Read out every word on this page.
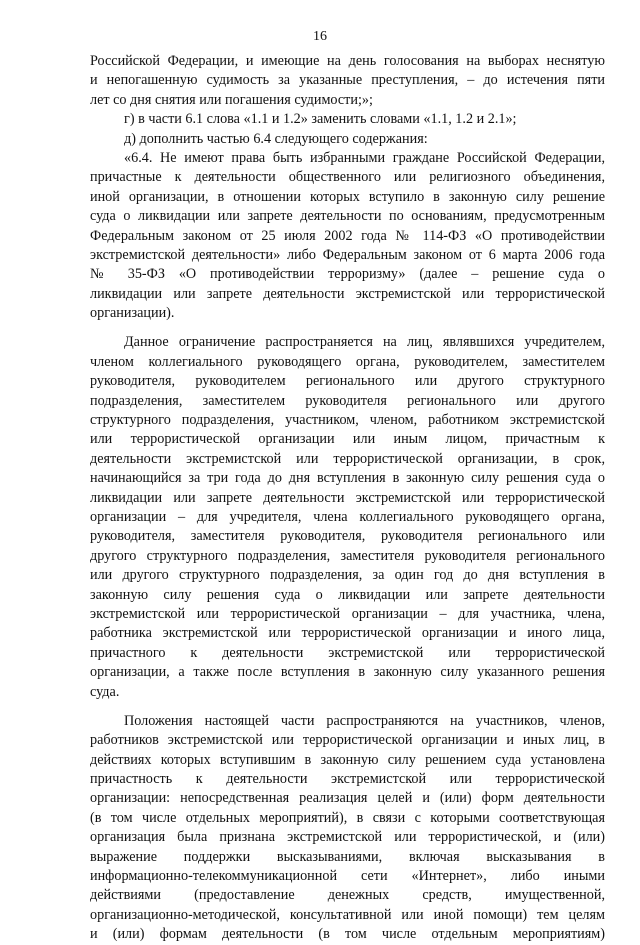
16
Российской Федерации, и имеющие на день голосования на выборах неснятую
и непогашенную судимость за указанные преступления, – до истечения пяти
лет со дня снятия или погашения судимости;»;
г) в части 6.1 слова «1.1 и 1.2» заменить словами «1.1, 1.2 и 2.1»;
д) дополнить частью 6.4 следующего содержания:
«6.4. Не имеют права быть избранными граждане Российской Федерации,
причастные к деятельности общественного или религиозного объединения,
иной организации, в отношении которых вступило в законную силу решение
суда о ликвидации или запрете деятельности по основаниям, предусмотренным
Федеральным законом от 25 июля 2002 года № 114-ФЗ «О противодействии
экстремистской деятельности» либо Федеральным законом от 6 марта 2006 года
№ 35-ФЗ «О противодействии терроризму» (далее – решение суда о
ликвидации или запрете деятельности экстремистской или террористической
организации).
Данное ограничение распространяется на лиц, являвшихся учредителем,
членом коллегиального руководящего органа, руководителем, заместителем
руководителя, руководителем регионального или другого структурного
подразделения, заместителем руководителя регионального или другого
структурного подразделения, участником, членом, работником экстремистской
или террористической организации или иным лицом, причастным к
деятельности экстремистской или террористической организации, в срок,
начинающийся за три года до дня вступления в законную силу решения суда о
ликвидации или запрете деятельности экстремистской или террористической
организации – для учредителя, члена коллегиального руководящего органа,
руководителя, заместителя руководителя, руководителя регионального или
другого структурного подразделения, заместителя руководителя регионального
или другого структурного подразделения, за один год до дня вступления в
законную силу решения суда о ликвидации или запрете деятельности
экстремистской или террористической организации – для участника, члена,
работника экстремистской или террористической организации и иного лица,
причастного к деятельности экстремистской или террористической
организации, а также после вступления в законную силу указанного решения
суда.
Положения настоящей части распространяются на участников, членов,
работников экстремистской или террористической организации и иных лиц, в
действиях которых вступившим в законную силу решением суда установлена
причастность к деятельности экстремистской или террористической
организации: непосредственная реализация целей и (или) форм деятельности
(в том числе отдельных мероприятий), в связи с которыми соответствующая
организация была признана экстремистской или террористической, и (или)
выражение поддержки высказываниями, включая высказывания в
информационно-телекоммуникационной сети «Интернет», либо иными
действиями (предоставление денежных средств, имущественной,
организационно-методической, консультативной или иной помощи) тем целям
и (или) формам деятельности (в том числе отдельным мероприятиям)
